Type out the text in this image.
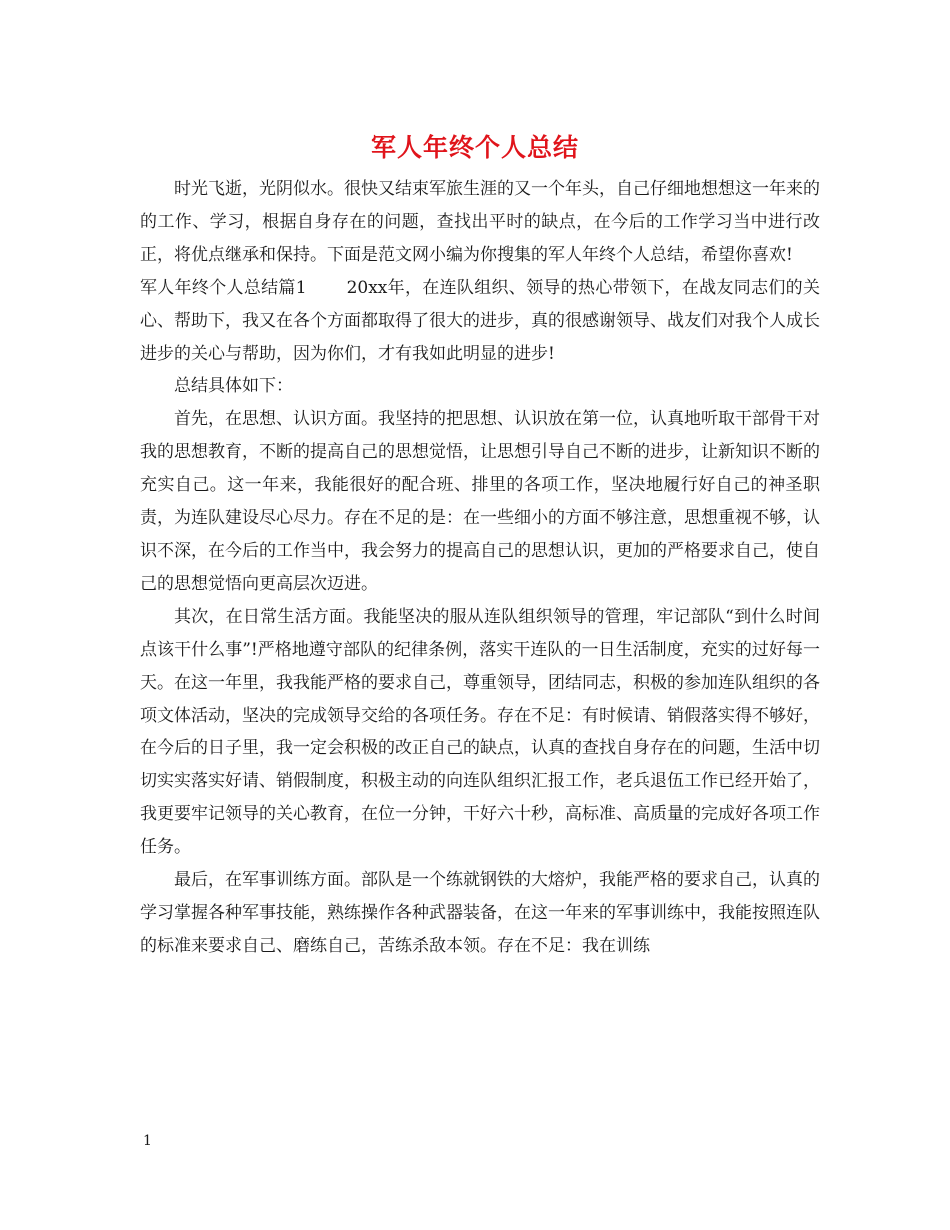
军人年终个人总结

时光飞逝，光阴似水。很快又结束军旅生涯的又一个年头，自己仔细地想想这一年来的的工作、学习，根据自身存在的问题，查找出平时的缺点，在今后的工作学习当中进行改正，将优点继承和保持。下面是范文网小编为你搜集的军人年终个人总结，希望你喜欢!

军人年终个人总结篇1 20xx年，在连队组织、领导的热心带领下，在战友同志们的关心、帮助下，我又在各个方面都取得了很大的进步，真的很感谢领导、战友们对我个人成长进步的关心与帮助，因为你们，才有我如此明显的进步!

总结具体如下：

首先，在思想、认识方面。我坚持的把思想、认识放在第一位，认真地听取干部骨干对我的思想教育，不断的提高自己的思想觉悟，让思想引导自己不断的进步，让新知识不断的充实自己。这一年来，我能很好的配合班、排里的各项工作，坚决地履行好自己的神圣职责，为连队建设尽心尽力。存在不足的是：在一些细小的方面不够注意，思想重视不够，认识不深，在今后的工作当中，我会努力的提高自己的思想认识，更加的严格要求自己，使自己的思想觉悟向更高层次迈进。

其次，在日常生活方面。我能坚决的服从连队组织领导的管理，牢记部队“到什么时间点该干什么事”!严格地遵守部队的纪律条例，落实干连队的一日生活制度，充实的过好每一天。在这一年里，我我能严格的要求自己，尊重领导，团结同志，积极的参加连队组织的各项文体活动，坚决的完成领导交给的各项任务。存在不足：有时候请、销假落实得不够好，在今后的日子里，我一定会积极的改正自己的缺点，认真的查找自身存在的问题，生活中切切实实落实好请、销假制度，积极主动的向连队组织汇报工作，老兵退伍工作已经开始了，我更要牢记领导的关心教育，在位一分钟，干好六十秒，高标准、高质量的完成好各项工作任务。

最后，在军事训练方面。部队是一个练就钢铁的大熔炉，我能严格的要求自己，认真的学习掌握各种军事技能，熟练操作各种武器装备，在这一年来的军事训练中，我能按照连队的标准来要求自己、磨练自己，苦练杀敌本领。存在不足：我在训练

1
